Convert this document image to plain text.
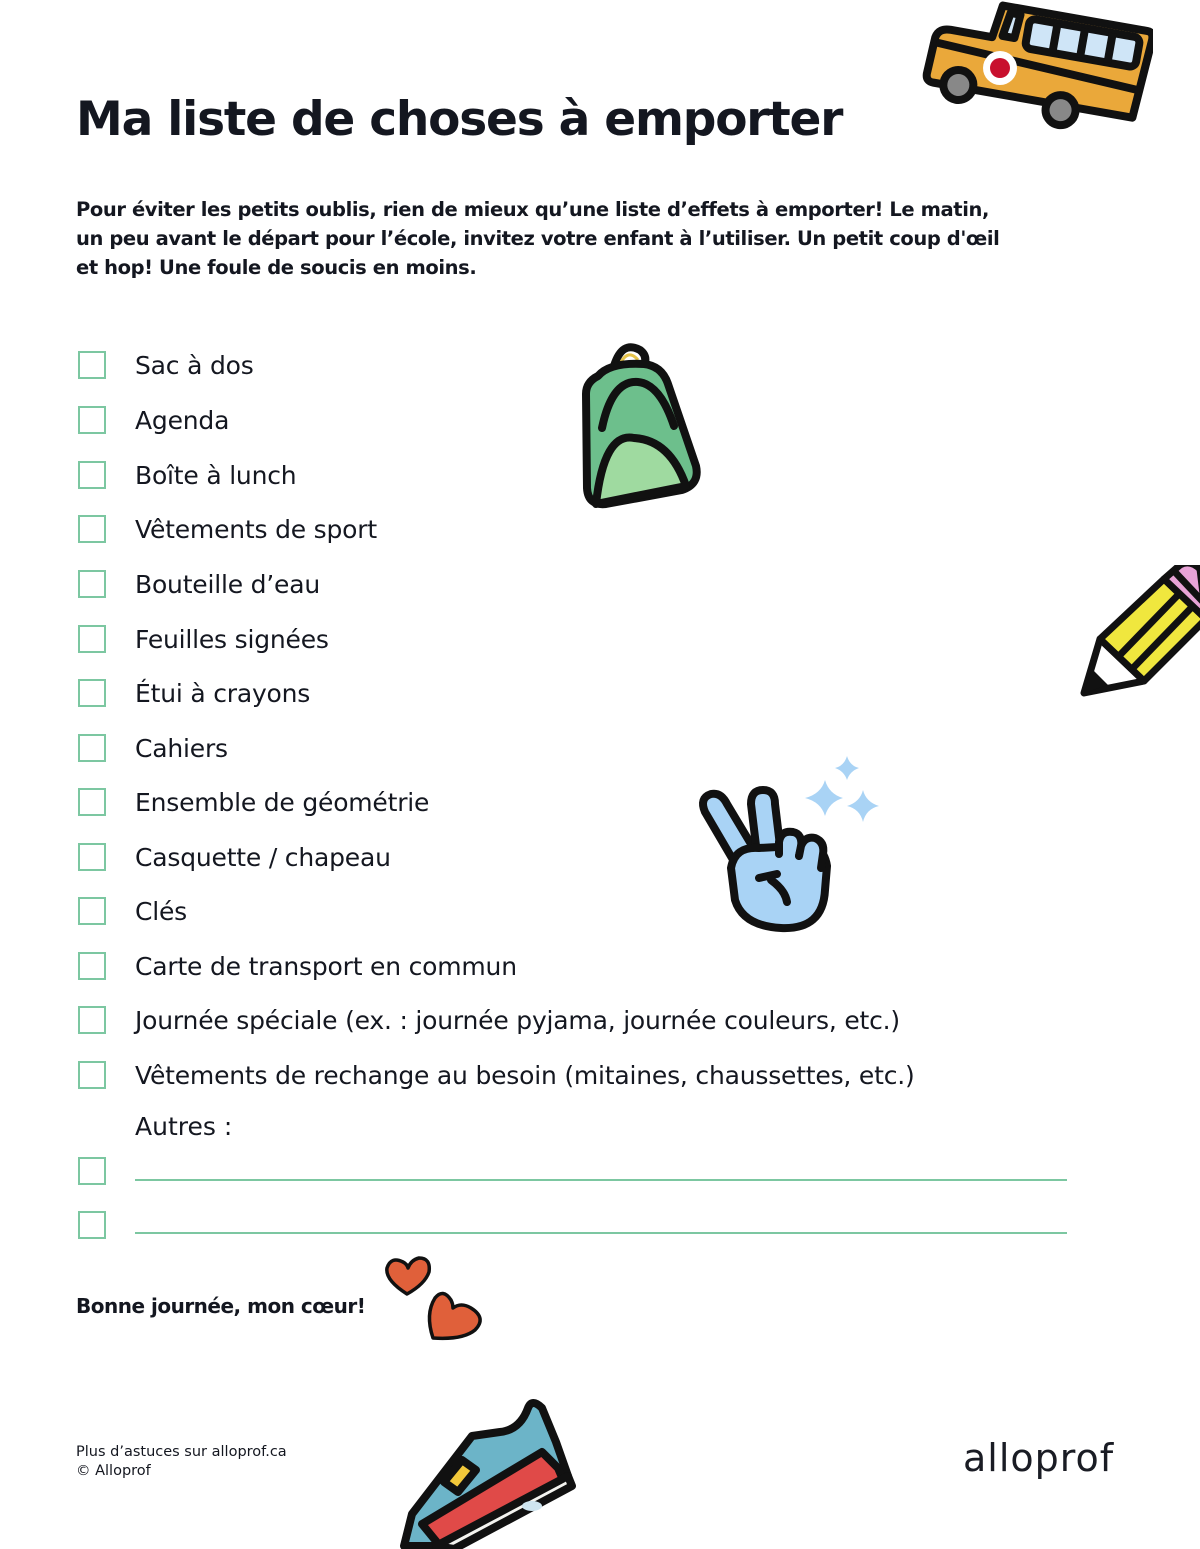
Ma liste de choses à emporter

Pour éviter les petits oublis, rien de mieux qu’une liste d’effets à emporter! Le matin,
un peu avant le départ pour l’école, invitez votre enfant à l’utiliser. Un petit coup d'œil
et hop! Une foule de soucis en moins.

Sac à dos
Agenda
Boîte à lunch
Vêtements de sport
Bouteille d’eau
Feuilles signées
Étui à crayons
Cahiers
Ensemble de géométrie
Casquette / chapeau
Clés
Carte de transport en commun
Journée spéciale (ex. : journée pyjama, journée couleurs, etc.)
Vêtements de rechange au besoin (mitaines, chaussettes, etc.)
Autres :
Bonne journée, mon cœur!
Plus d’astuces sur alloprof.ca
© Alloprof	alloprof
